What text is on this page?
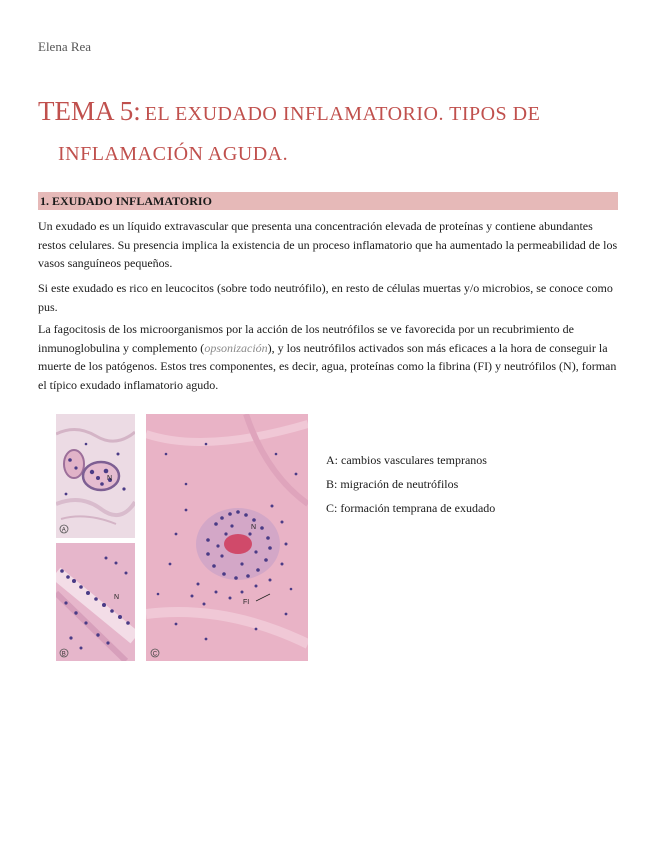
Elena Rea
TEMA 5: EL EXUDADO INFLAMATORIO. TIPOS DE
INFLAMACIÓN AGUDA.
1. EXUDADO INFLAMATORIO

Un exudado es un líquido extravascular que presenta una concentración elevada de proteínas y contiene abundantes restos celulares. Su presencia implica la existencia de un proceso inflamatorio que ha aumentado la permeabilidad de los vasos sanguíneos pequeños.

Si este exudado es rico en leucocitos (sobre todo neutrófilo), en resto de células muertas y/o microbios, se conoce como pus.

La fagocitosis de los microorganismos por la acción de los neutrófilos se ve favorecida por un recubrimiento de inmunoglobulina y complemento (opsonización), y los neutrófilos activados son más eficaces a la hora de conseguir la muerte de los patógenos. Estos tres componentes, es decir, agua, proteínas como la fibrina (FI) y neutrófilos (N), forman el típico exudado inflamatorio agudo.

N
A
N
B
N
FI
C
A: cambios vasculares tempranos
B: migración de neutrófilos
C: formación temprana de exudado
